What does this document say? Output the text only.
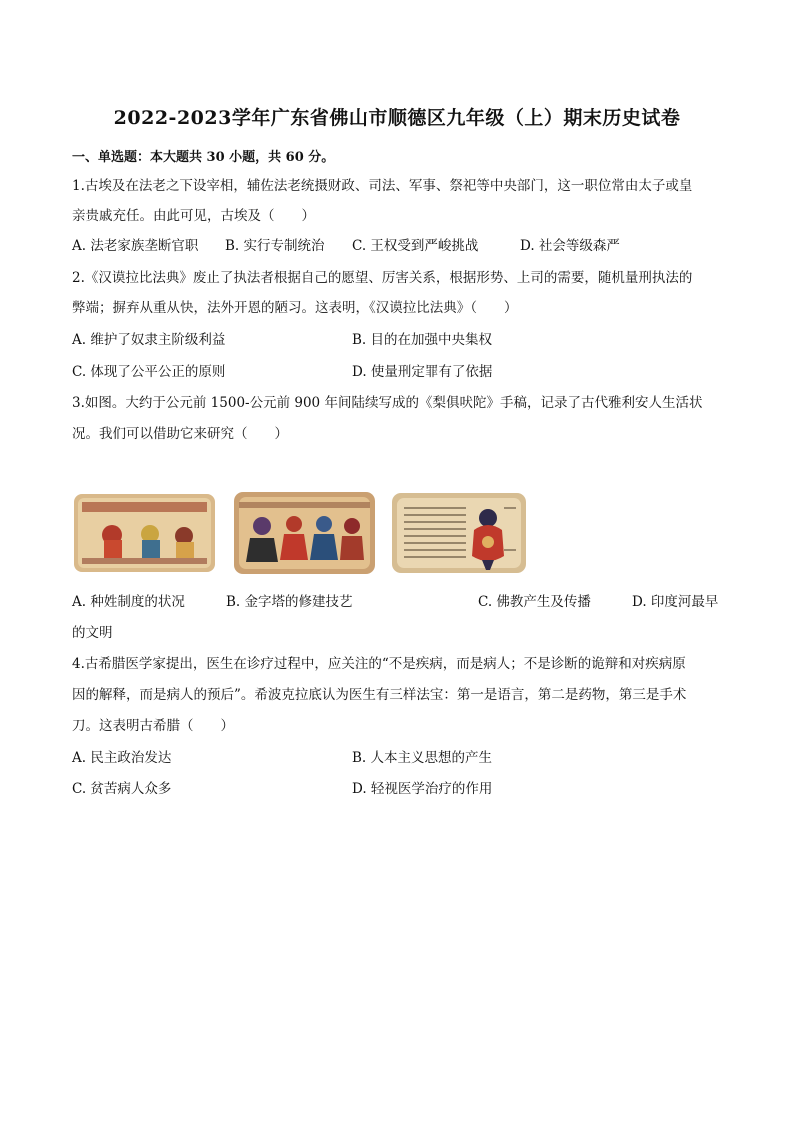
2022-2023学年广东省佛山市顺德区九年级（上）期末历史试卷
一、单选题：本大题共 30 小题，共 60 分。
1.古埃及在法老之下设宰相，辅佐法老统摄财政、司法、军事、祭祀等中央部门，这一职位常由太子或皇
亲贵戚充任。由此可见，古埃及（　　）
A. 法老家族垄断官职 B. 实行专制统治 C. 王权受到严峻挑战	D. 社会等级森严
2.《汉谟拉比法典》废止了执法者根据自己的愿望、厉害关系，根据形势、上司的需要，随机量刑执法的
弊端；摒弃从重从快，法外开恩的陋习。这表明，《汉谟拉比法典》（　　）
A. 维护了奴隶主阶级利益	B. 目的在加强中央集权
C. 体现了公平公正的原则	D. 使量刑定罪有了依据
3.如图。大约于公元前 1500-公元前 900 年间陆续写成的《梨俱吠陀》手稿，记录了古代雅利安人生活状
况。我们可以借助它来研究（　　）
A. 种姓制度的状况	B. 金字塔的修建技艺	C. 佛教产生及传播	D. 印度河最早
的文明
4.古希腊医学家提出，医生在诊疗过程中，应关注的“不是疾病，而是病人；不是诊断的诡辩和对疾病原
因的解释，而是病人的预后”。希波克拉底认为医生有三样法宝：第一是语言，第二是药物，第三是手术
刀。这表明古希腊（　　）
A. 民主政治发达	B. 人本主义思想的产生
C. 贫苦病人众多	D. 轻视医学治疗的作用
